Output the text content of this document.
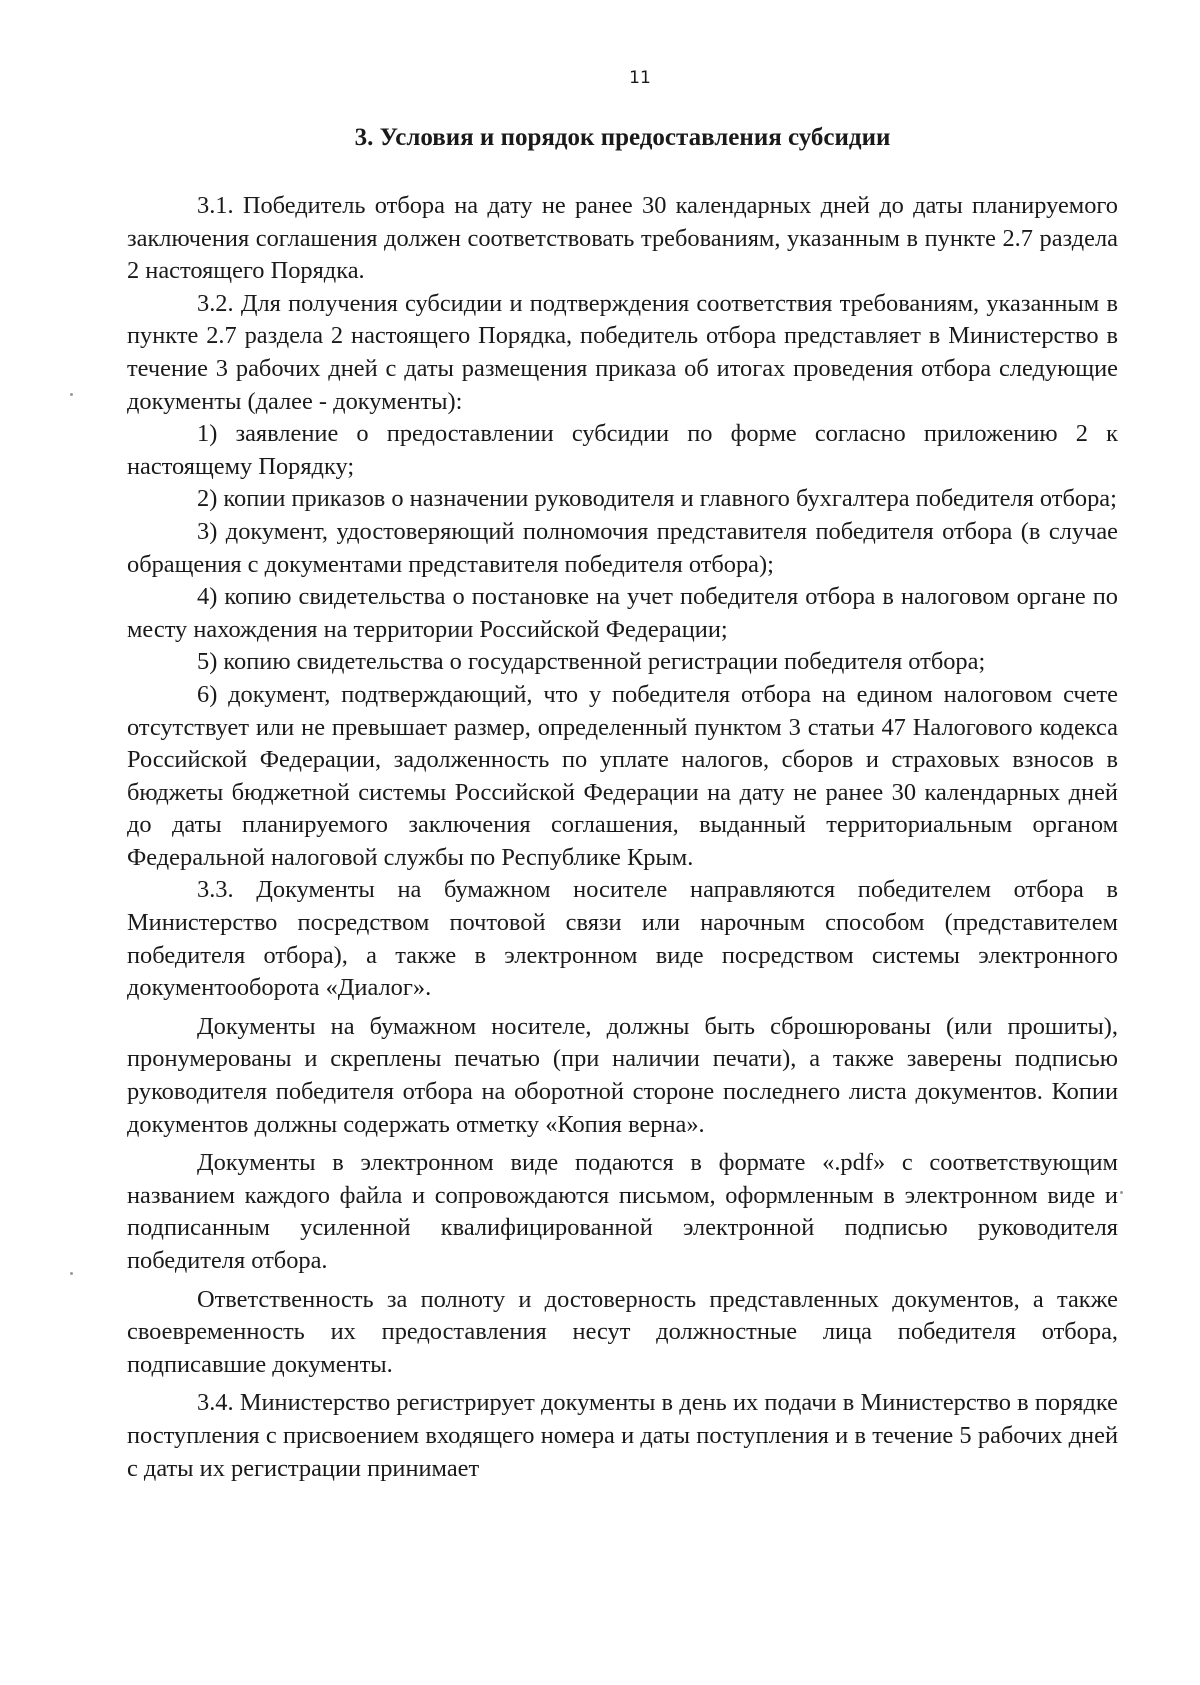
11
3. Условия и порядок предоставления субсидии

3.1. Победитель отбора на дату не ранее 30 календарных дней до даты планируемого заключения соглашения должен соответствовать требованиям, указанным в пункте 2.7 раздела 2 настоящего Порядка.

3.2. Для получения субсидии и подтверждения соответствия требованиям, указанным в пункте 2.7 раздела 2 настоящего Порядка, победитель отбора представляет в Министерство в течение 3 рабочих дней с даты размещения приказа об итогах проведения отбора следующие документы (далее - документы):

1) заявление о предоставлении субсидии по форме согласно приложению 2 к настоящему Порядку;

2) копии приказов о назначении руководителя и главного бухгалтера победителя отбора;

3) документ, удостоверяющий полномочия представителя победителя отбора (в случае обращения с документами представителя победителя отбора);

4) копию свидетельства о постановке на учет победителя отбора в налоговом органе по месту нахождения на территории Российской Федерации;

5) копию свидетельства о государственной регистрации победителя отбора;

6) документ, подтверждающий, что у победителя отбора на едином налоговом счете отсутствует или не превышает размер, определенный пунктом 3 статьи 47 Налогового кодекса Российской Федерации, задолженность по уплате налогов, сборов и страховых взносов в бюджеты бюджетной системы Российской Федерации на дату не ранее 30 календарных дней до даты планируемого заключения соглашения, выданный территориальным органом Федеральной налоговой службы по Республике Крым.

3.3. Документы на бумажном носителе направляются победителем отбора в Министерство посредством почтовой связи или нарочным способом (представителем победителя отбора), а также в электронном виде посредством системы электронного документооборота «Диалог».

Документы на бумажном носителе, должны быть сброшюрованы (или прошиты), пронумерованы и скреплены печатью (при наличии печати), а также заверены подписью руководителя победителя отбора на оборотной стороне последнего листа документов. Копии документов должны содержать отметку «Копия верна».

Документы в электронном виде подаются в формате «.pdf» с соответствующим названием каждого файла и сопровождаются письмом, оформленным в электронном виде и подписанным усиленной квалифицированной электронной подписью руководителя победителя отбора.

Ответственность за полноту и достоверность представленных документов, а также своевременность их предоставления несут должностные лица победителя отбора, подписавшие документы.

3.4. Министерство регистрирует документы в день их подачи в Министерство в порядке поступления с присвоением входящего номера и даты поступления и в течение 5 рабочих дней с даты их регистрации принимает
